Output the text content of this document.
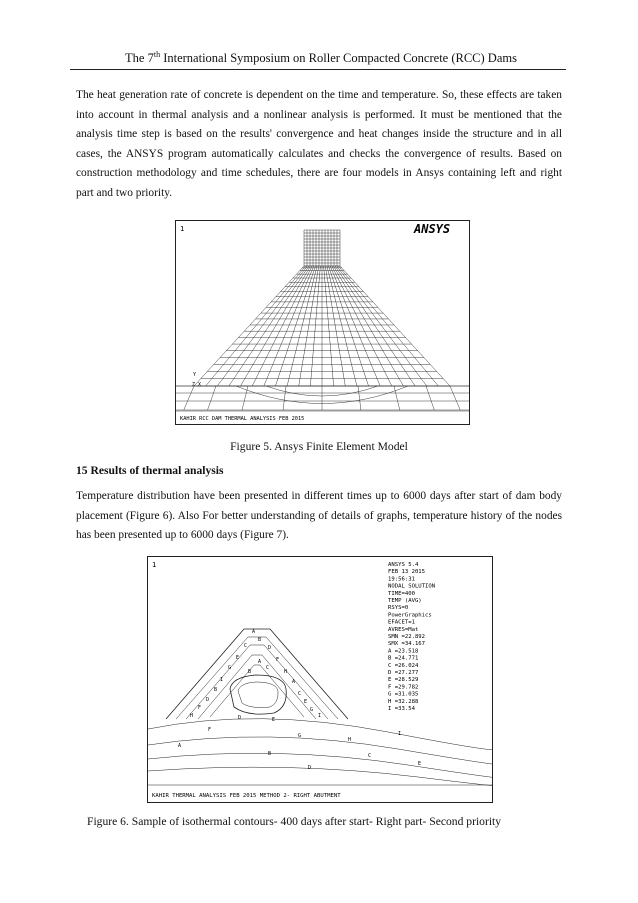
The 7th International Symposium on Roller Compacted Concrete (RCC) Dams

The heat generation rate of concrete is dependent on the time and temperature. So, these effects are taken into account in thermal analysis and a nonlinear analysis is performed. It must be mentioned that the analysis time step is based on the results' convergence and heat changes inside the structure and in all cases, the ANSYS program automatically calculates and checks the convergence of results. Based on construction methodology and time schedules, there are four models in Ansys containing left and right part and two priority.

1	ANSYS
Y
Z X
KAHIR RCC DAM THERMAL ANALYSIS FEB 2015
Figure 5. Ansys Finite Element Model
15 Results of thermal analysis

Temperature distribution have been presented in different times up to 6000 days after start of dam body placement (Figure 6). Also For better understanding of details of graphs, temperature history of the nodes has been presented up to 6000 days (Figure 7).

1
A
B
C	D
E	F
G
H
I	A
B
C
D	E
F	G
H	I
A
B
C
D	E
F
G
H
I
A
B	C
D
E
ANSYS 5.4
FEB 13 2015
19:56:31
NODAL SOLUTION
TIME=400
TEMP (AVG)
RSYS=0
PowerGraphics
EFACET=1
AVRES=Mat
SMN =22.892
SMX =34.167
A =23.518
B =24.771
C =26.024
D =27.277
E =28.529
F =29.782
G =31.035
H =32.288
I =33.54
KAHIR THERMAL ANALYSIS FEB 2015 METHOD 2- RIGHT ABUTMENT
Figure 6. Sample of isothermal contours- 400 days after start- Right part- Second priority
